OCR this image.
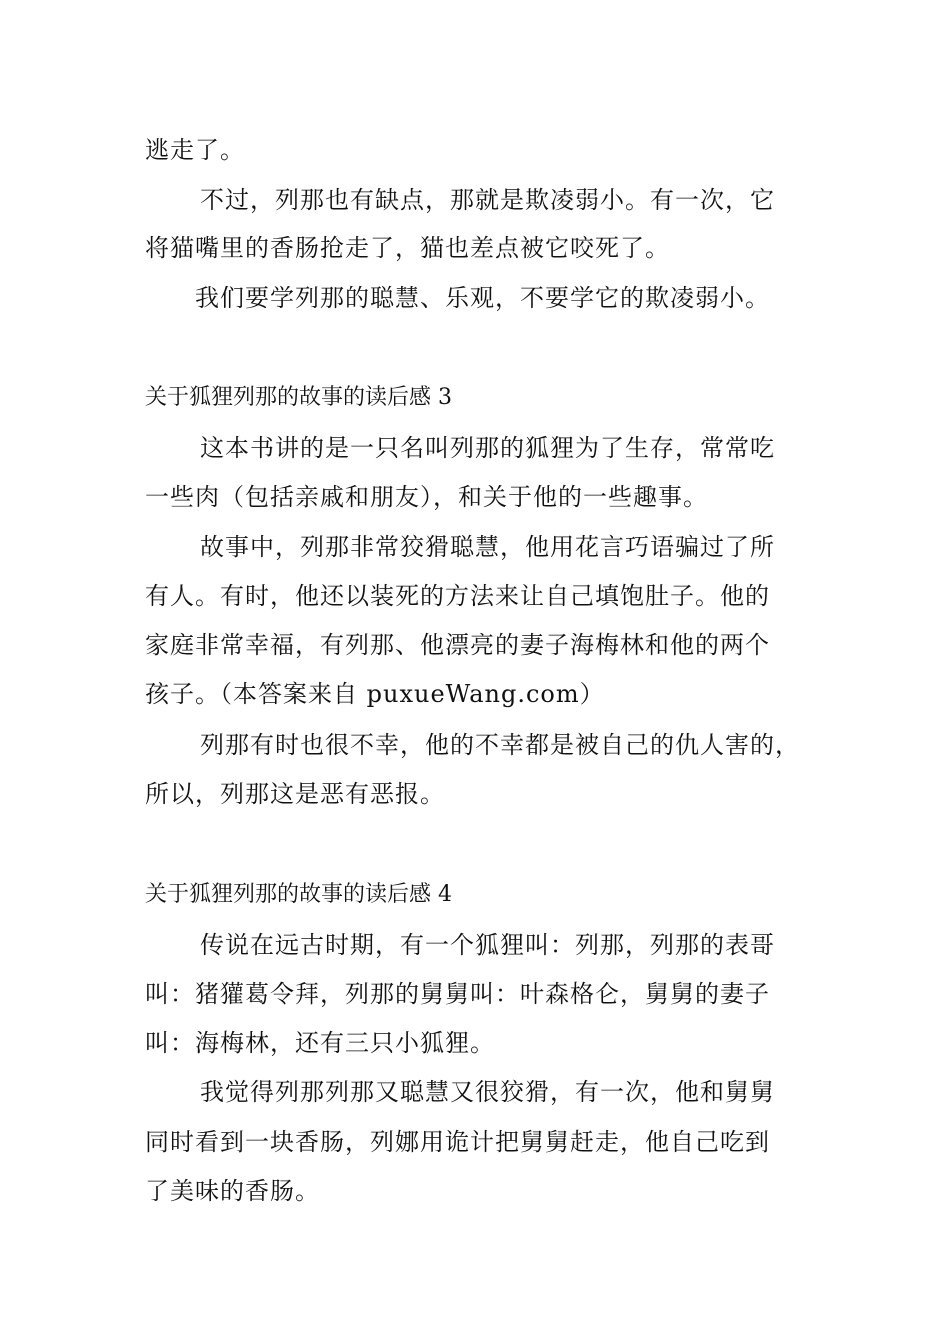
逃走了。
不过，列那也有缺点，那就是欺凌弱小。有一次，它
将猫嘴里的香肠抢走了，猫也差点被它咬死了。
我们要学列那的聪慧、乐观，不要学它的欺凌弱小。
关于狐狸列那的故事的读后感 3
这本书讲的是一只名叫列那的狐狸为了生存，常常吃
一些肉（包括亲戚和朋友），和关于他的一些趣事。
故事中，列那非常狡猾聪慧，他用花言巧语骗过了所
有人。有时，他还以装死的方法来让自己填饱肚子。他的
家庭非常幸福，有列那、他漂亮的妻子海梅林和他的两个
孩子。（本答案来自 puxueWang.com）
列那有时也很不幸，他的不幸都是被自己的仇人害的，
所以，列那这是恶有恶报。
关于狐狸列那的故事的读后感 4
传说在远古时期，有一个狐狸叫：列那，列那的表哥
叫：猪獾葛令拜，列那的舅舅叫：叶森格仑，舅舅的妻子
叫：海梅林，还有三只小狐狸。
我觉得列那列那又聪慧又很狡猾，有一次，他和舅舅
同时看到一块香肠，列娜用诡计把舅舅赶走，他自己吃到
了美味的香肠。
